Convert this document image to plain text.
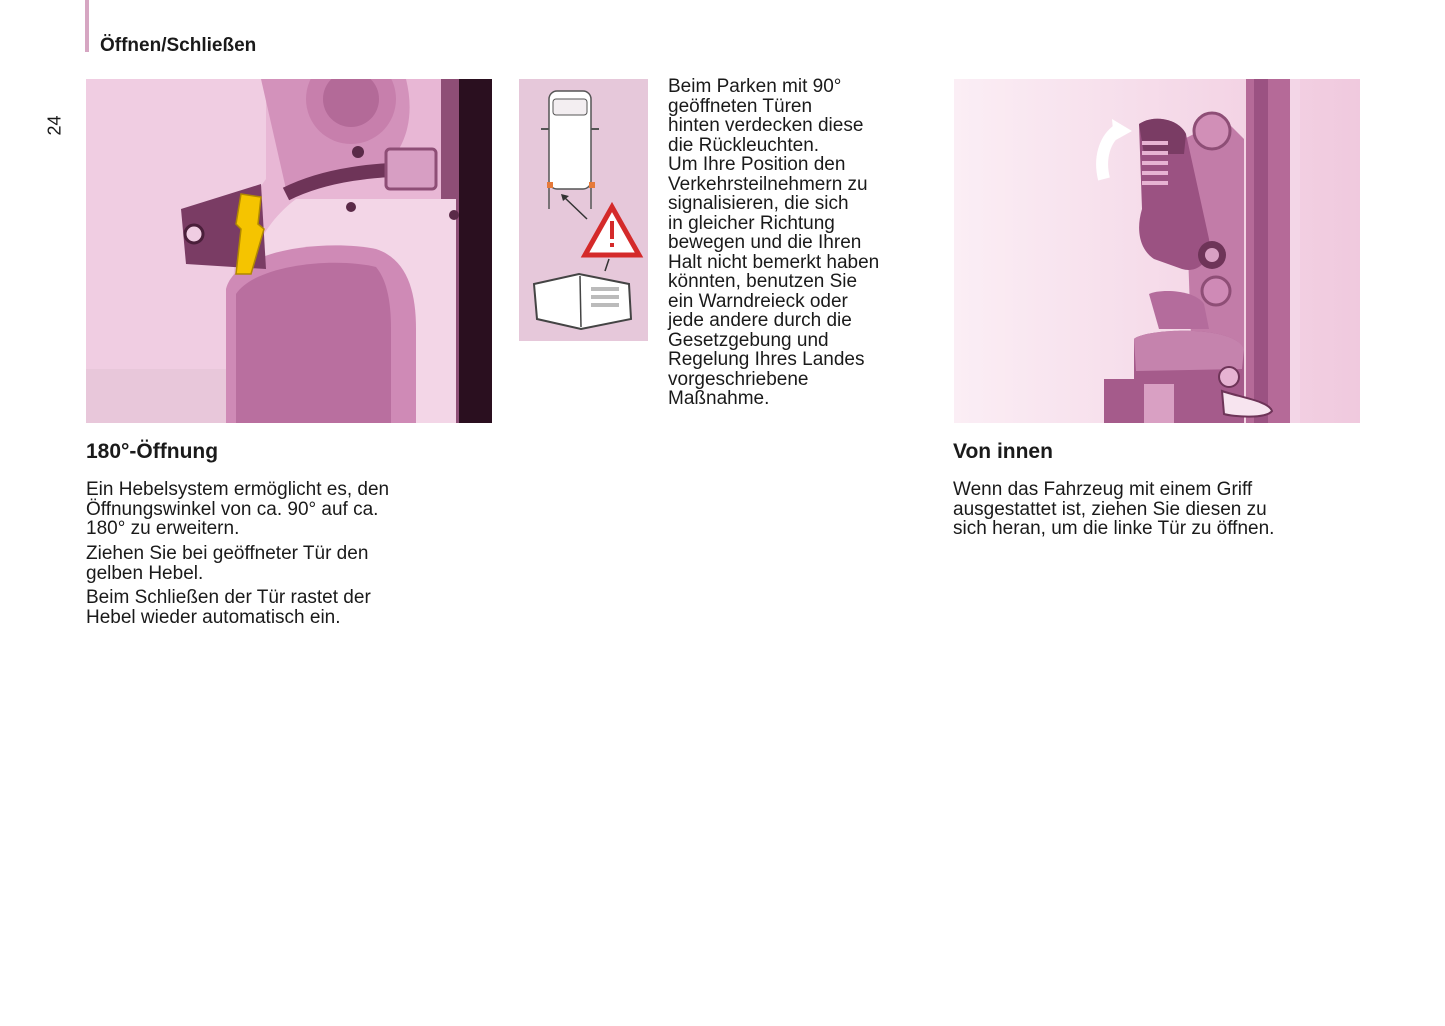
24
Öffnen/Schließen
Beim Parken mit 90°
geöffneten Türen
hinten verdecken diese
die Rückleuchten.
Um Ihre Position den
Verkehrsteilnehmern zu
signalisieren, die sich
in gleicher Richtung
bewegen und die Ihren
Halt nicht bemerkt haben
könnten, benutzen Sie
ein Warndreieck oder
jede andere durch die
Gesetzgebung und
Regelung Ihres Landes
vorgeschriebene
Maßnahme.
180°-Öffnung
Ein Hebelsystem ermöglicht es, den
Öffnungswinkel von ca. 90° auf ca.
180° zu erweitern.
Ziehen Sie bei geöffneter Tür den
gelben Hebel.
Beim Schließen der Tür rastet der
Hebel wieder automatisch ein.
Von innen
Wenn das Fahrzeug mit einem Griff
ausgestattet ist, ziehen Sie diesen zu
sich heran, um die linke Tür zu öffnen.
